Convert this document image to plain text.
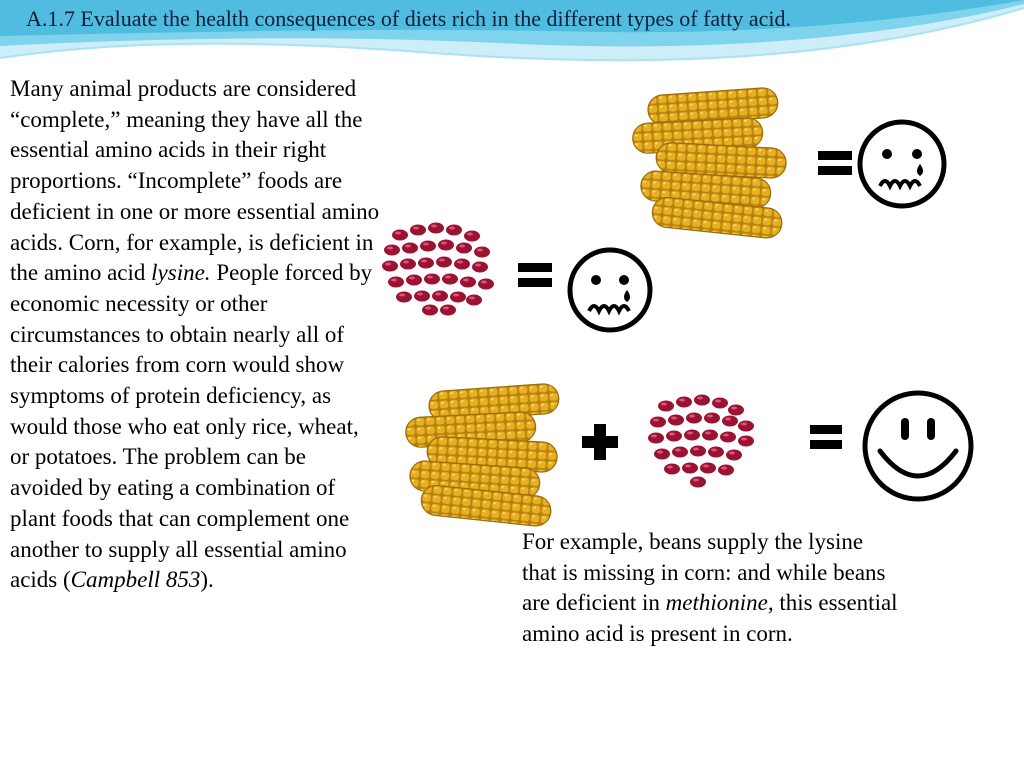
A.1.7 Evaluate the health consequences of diets rich in the different types of fatty acid.

Many animal products are considered “complete,” meaning they have all the essential amino acids in their right proportions. “Incomplete” foods are deficient in one or more essential amino acids. Corn, for example, is deficient in the amino acid lysine. People forced by economic necessity or other circumstances to obtain nearly all of their calories from corn would show symptoms of protein deficiency, as would those who eat only rice, wheat, or potatoes. The problem can be avoided by eating a combination of plant foods that can complement one another to supply all essential amino acids (Campbell 853).

For example, beans supply the lysine that is missing in corn: and while beans are deficient in methionine, this essential amino acid is present in corn.
